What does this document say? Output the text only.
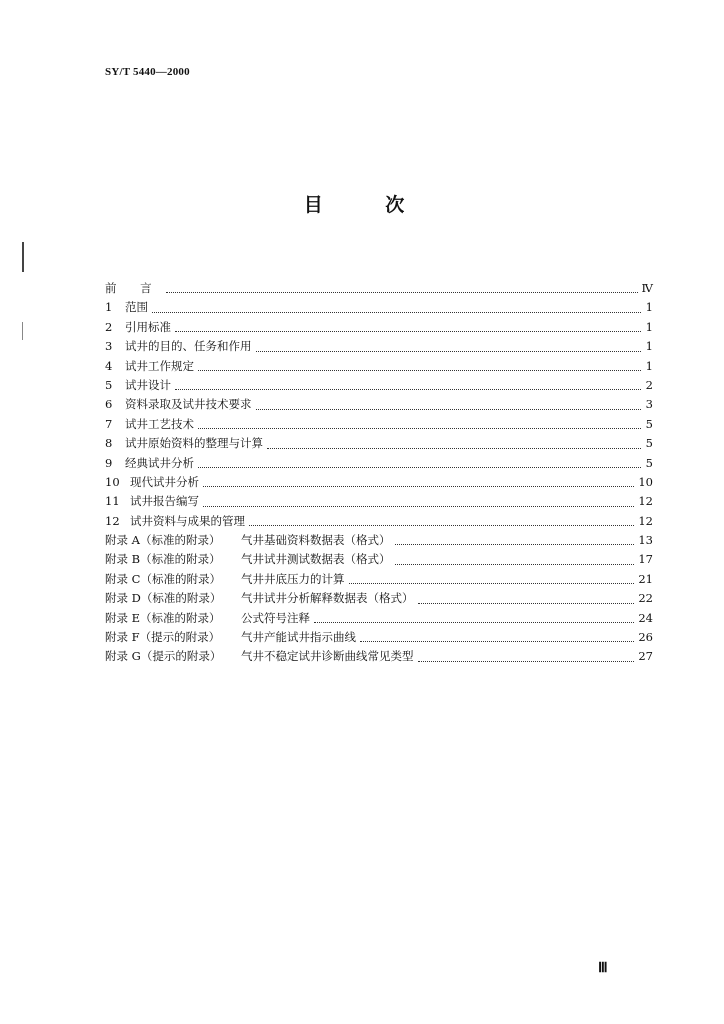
SY/T 5440—2000
目 次
前 言	Ⅳ
1	范围	1
2	引用标准	1
3	试井的目的、任务和作用	1
4	试井工作规定	1
5	试井设计	2
6	资料录取及试井技术要求	3
7	试井工艺技术	5
8	试井原始资料的整理与计算	5
9	经典试井分析	5
10 现代试井分析	10
11 试井报告编写	12
12 试井资料与成果的管理	12
附录 A（标准的附录）	气井基础资料数据表（格式）	13
附录 B（标准的附录）	气井试井测试数据表（格式）	17
附录 C（标准的附录）	气井井底压力的计算	21
附录 D（标准的附录）	气井试井分析解释数据表（格式）	22
附录 E（标准的附录）	公式符号注释	24
附录 F（提示的附录）	气井产能试井指示曲线	26
附录 G（提示的附录）	气井不稳定试井诊断曲线常见类型	27
Ⅲ
